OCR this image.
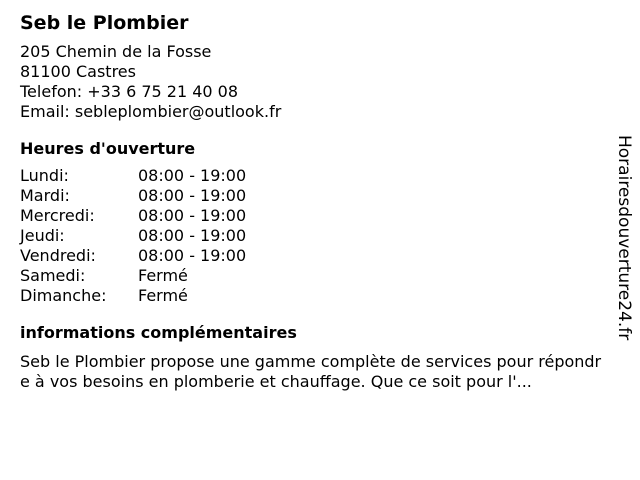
Seb le Plombier
205 Chemin de la Fosse
81100 Castres
Telefon: +33 6 75 21 40 08
Email: sebleplombier@outlook.fr
Heures d'ouverture
Lundi:	08:00 - 19:00
Mardi:	08:00 - 19:00
Mercredi:	08:00 - 19:00
Jeudi:	08:00 - 19:00
Vendredi:	08:00 - 19:00
Samedi:	Fermé
Dimanche:	Fermé
informations complémentaires
Seb le Plombier propose une gamme complète de services pour répondre à vos besoins en plomberie et chauffage. Que ce soit pour l'...
Horairesdouverture24.fr
